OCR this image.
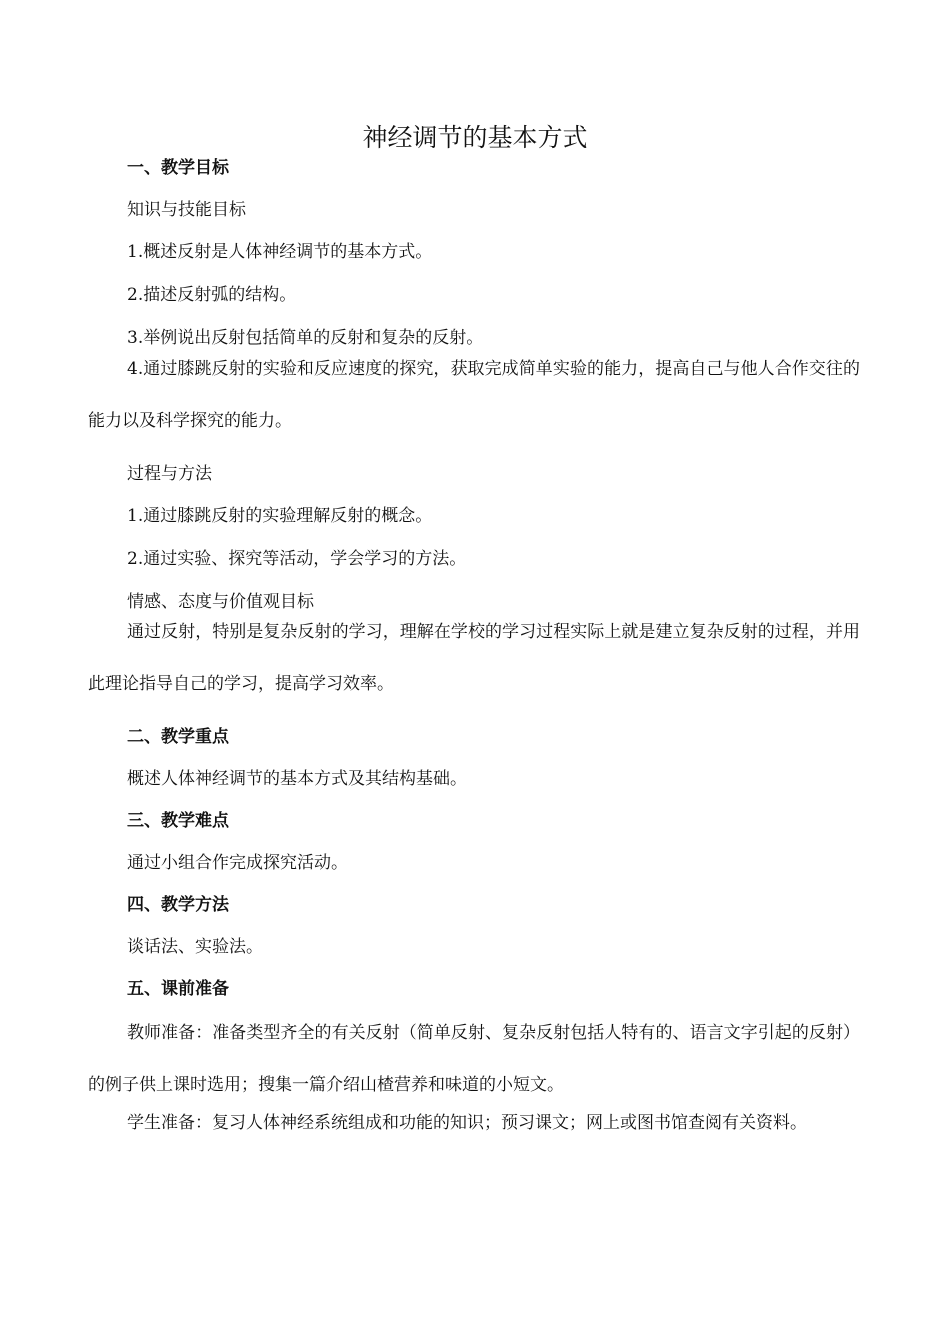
神经调节的基本方式
一、教学目标
知识与技能目标
1.概述反射是人体神经调节的基本方式。
2.描述反射弧的结构。
3.举例说出反射包括简单的反射和复杂的反射。

4.通过膝跳反射的实验和反应速度的探究，获取完成简单实验的能力，提高自己与他人合作交往的能力以及科学探究的能力。

过程与方法
1.通过膝跳反射的实验理解反射的概念。
2.通过实验、探究等活动，学会学习的方法。
情感、态度与价值观目标

通过反射，特别是复杂反射的学习，理解在学校的学习过程实际上就是建立复杂反射的过程，并用此理论指导自己的学习，提高学习效率。

二、教学重点
概述人体神经调节的基本方式及其结构基础。
三、教学难点
通过小组合作完成探究活动。
四、教学方法
谈话法、实验法。
五、课前准备

教师准备：准备类型齐全的有关反射（简单反射、复杂反射包括人特有的、语言文字引起的反射）的例子供上课时选用；搜集一篇介绍山楂营养和味道的小短文。

学生准备：复习人体神经系统组成和功能的知识；预习课文；网上或图书馆查阅有关资料。
